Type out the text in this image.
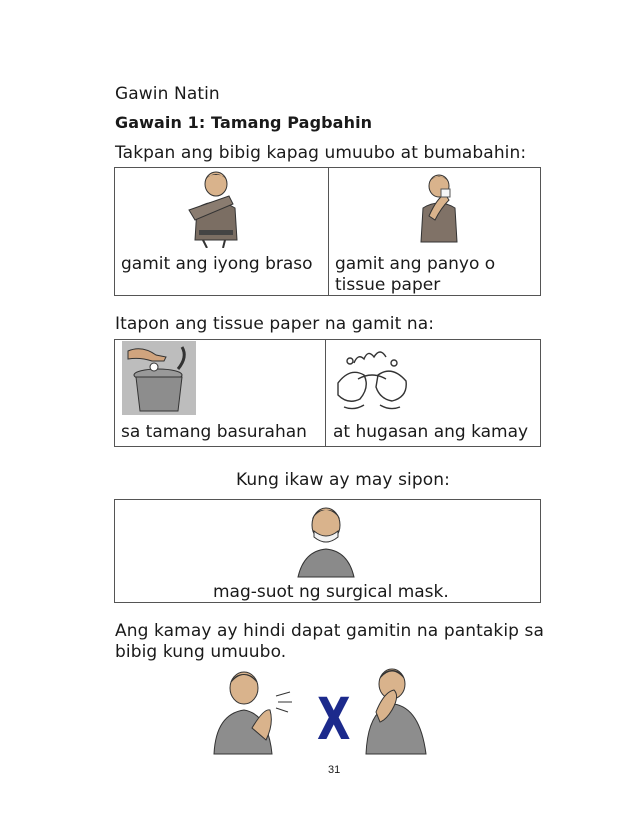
Gawin Natin
Gawain 1: Tamang Pagbahin
Takpan ang bibig kapag umuubo at bumabahin:
gamit ang iyong braso gamit ang panyo o
tissue paper
Itapon ang tissue paper na gamit na:
sa tamang basurahan at hugasan ang kamay
Kung ikaw ay may sipon:
mag-suot ng surgical mask.
Ang kamay ay hindi dapat gamitin na pantakip sa
bibig kung umuubo.
X
31
